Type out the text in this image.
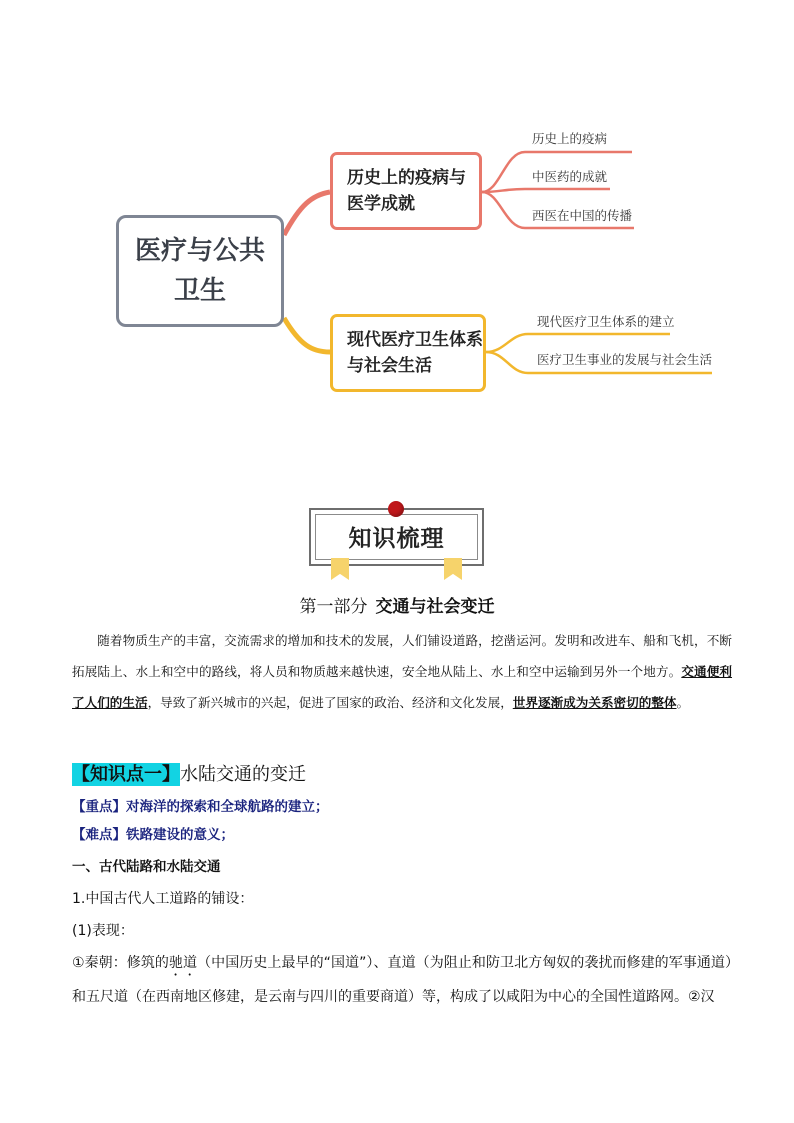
医疗与公共
卫生
历史上的疫病与
医学成就
现代医疗卫生体系
与社会生活
历史上的疫病
中医药的成就
西医在中国的传播
现代医疗卫生体系的建立
医疗卫生事业的发展与社会生活
知识梳理
第一部分 交通与社会变迁
随着物质生产的丰富，交流需求的增加和技术的发展，人们铺设道路，挖凿运河。发明和改进车、船和飞机，不断拓展陆上、水上和空中的路线，将人员和物质越来越快速，安全地从陆上、水上和空中运输到另外一个地方。交通便利了人们的生活，导致了新兴城市的兴起，促进了国家的政治、经济和文化发展，世界逐渐成为关系密切的整体。
【知识点一】水陆交通的变迁
【重点】对海洋的探索和全球航路的建立；
【难点】铁路建设的意义；
一、古代陆路和水陆交通
1.中国古代人工道路的铺设：
(1)表现：
①秦朝：修筑的驰道（中国历史上最早的“国道”）、直道（为阻止和防卫北方匈奴的袭扰而修建的军事通道）和五尺道（在西南地区修建，是云南与四川的重要商道）等，构成了以咸阳为中心的全国性道路网。②汉
